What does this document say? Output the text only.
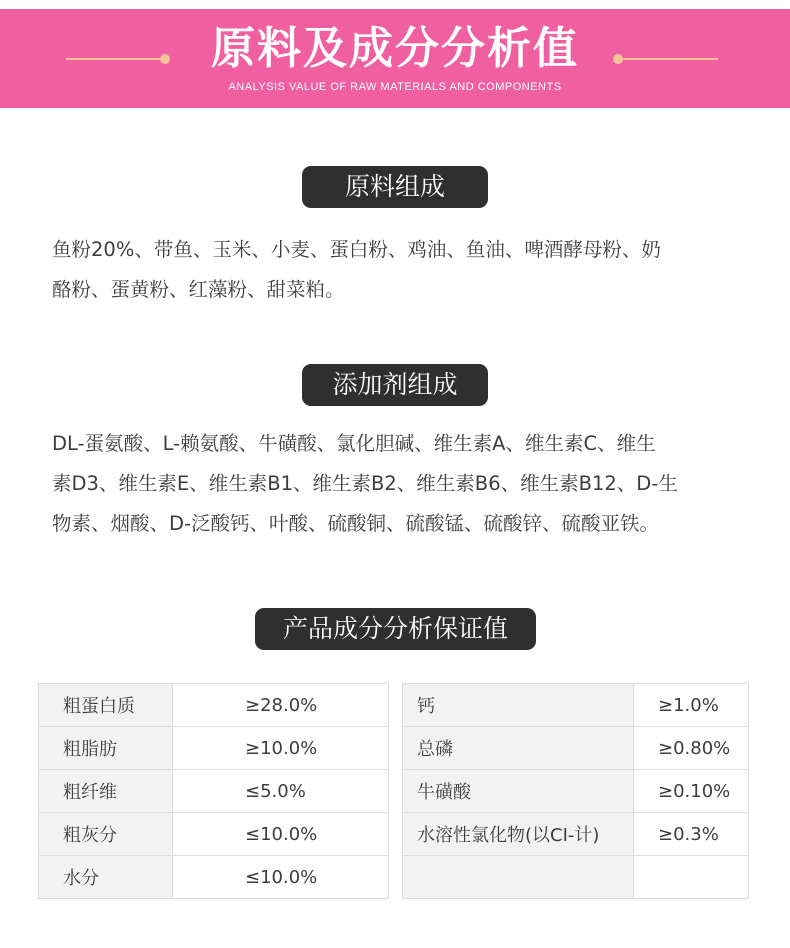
原料及成分分析值
ANALYSIS VALUE OF RAW MATERIALS AND COMPONENTS
原料组成
鱼粉20%、带鱼、玉米、小麦、蛋白粉、鸡油、鱼油、啤酒酵母粉、奶
酪粉、蛋黄粉、红藻粉、甜菜粕。
添加剂组成
DL-蛋氨酸、L-赖氨酸、牛磺酸、氯化胆碱、维生素A、维生素C、维生
素D3、维生素E、维生素B1、维生素B2、维生素B6、维生素B12、D-生
物素、烟酸、D-泛酸钙、叶酸、硫酸铜、硫酸锰、硫酸锌、硫酸亚铁。
产品成分分析保证值
粗蛋白质	≥28.0%
粗脂肪	≥10.0%
粗纤维	≤5.0%
粗灰分	≤10.0%
水分	≤10.0%
钙	≥1.0%
总磷	≥0.80%
牛磺酸	≥0.10%
水溶性氯化物(以CI-计)	≥0.3%
